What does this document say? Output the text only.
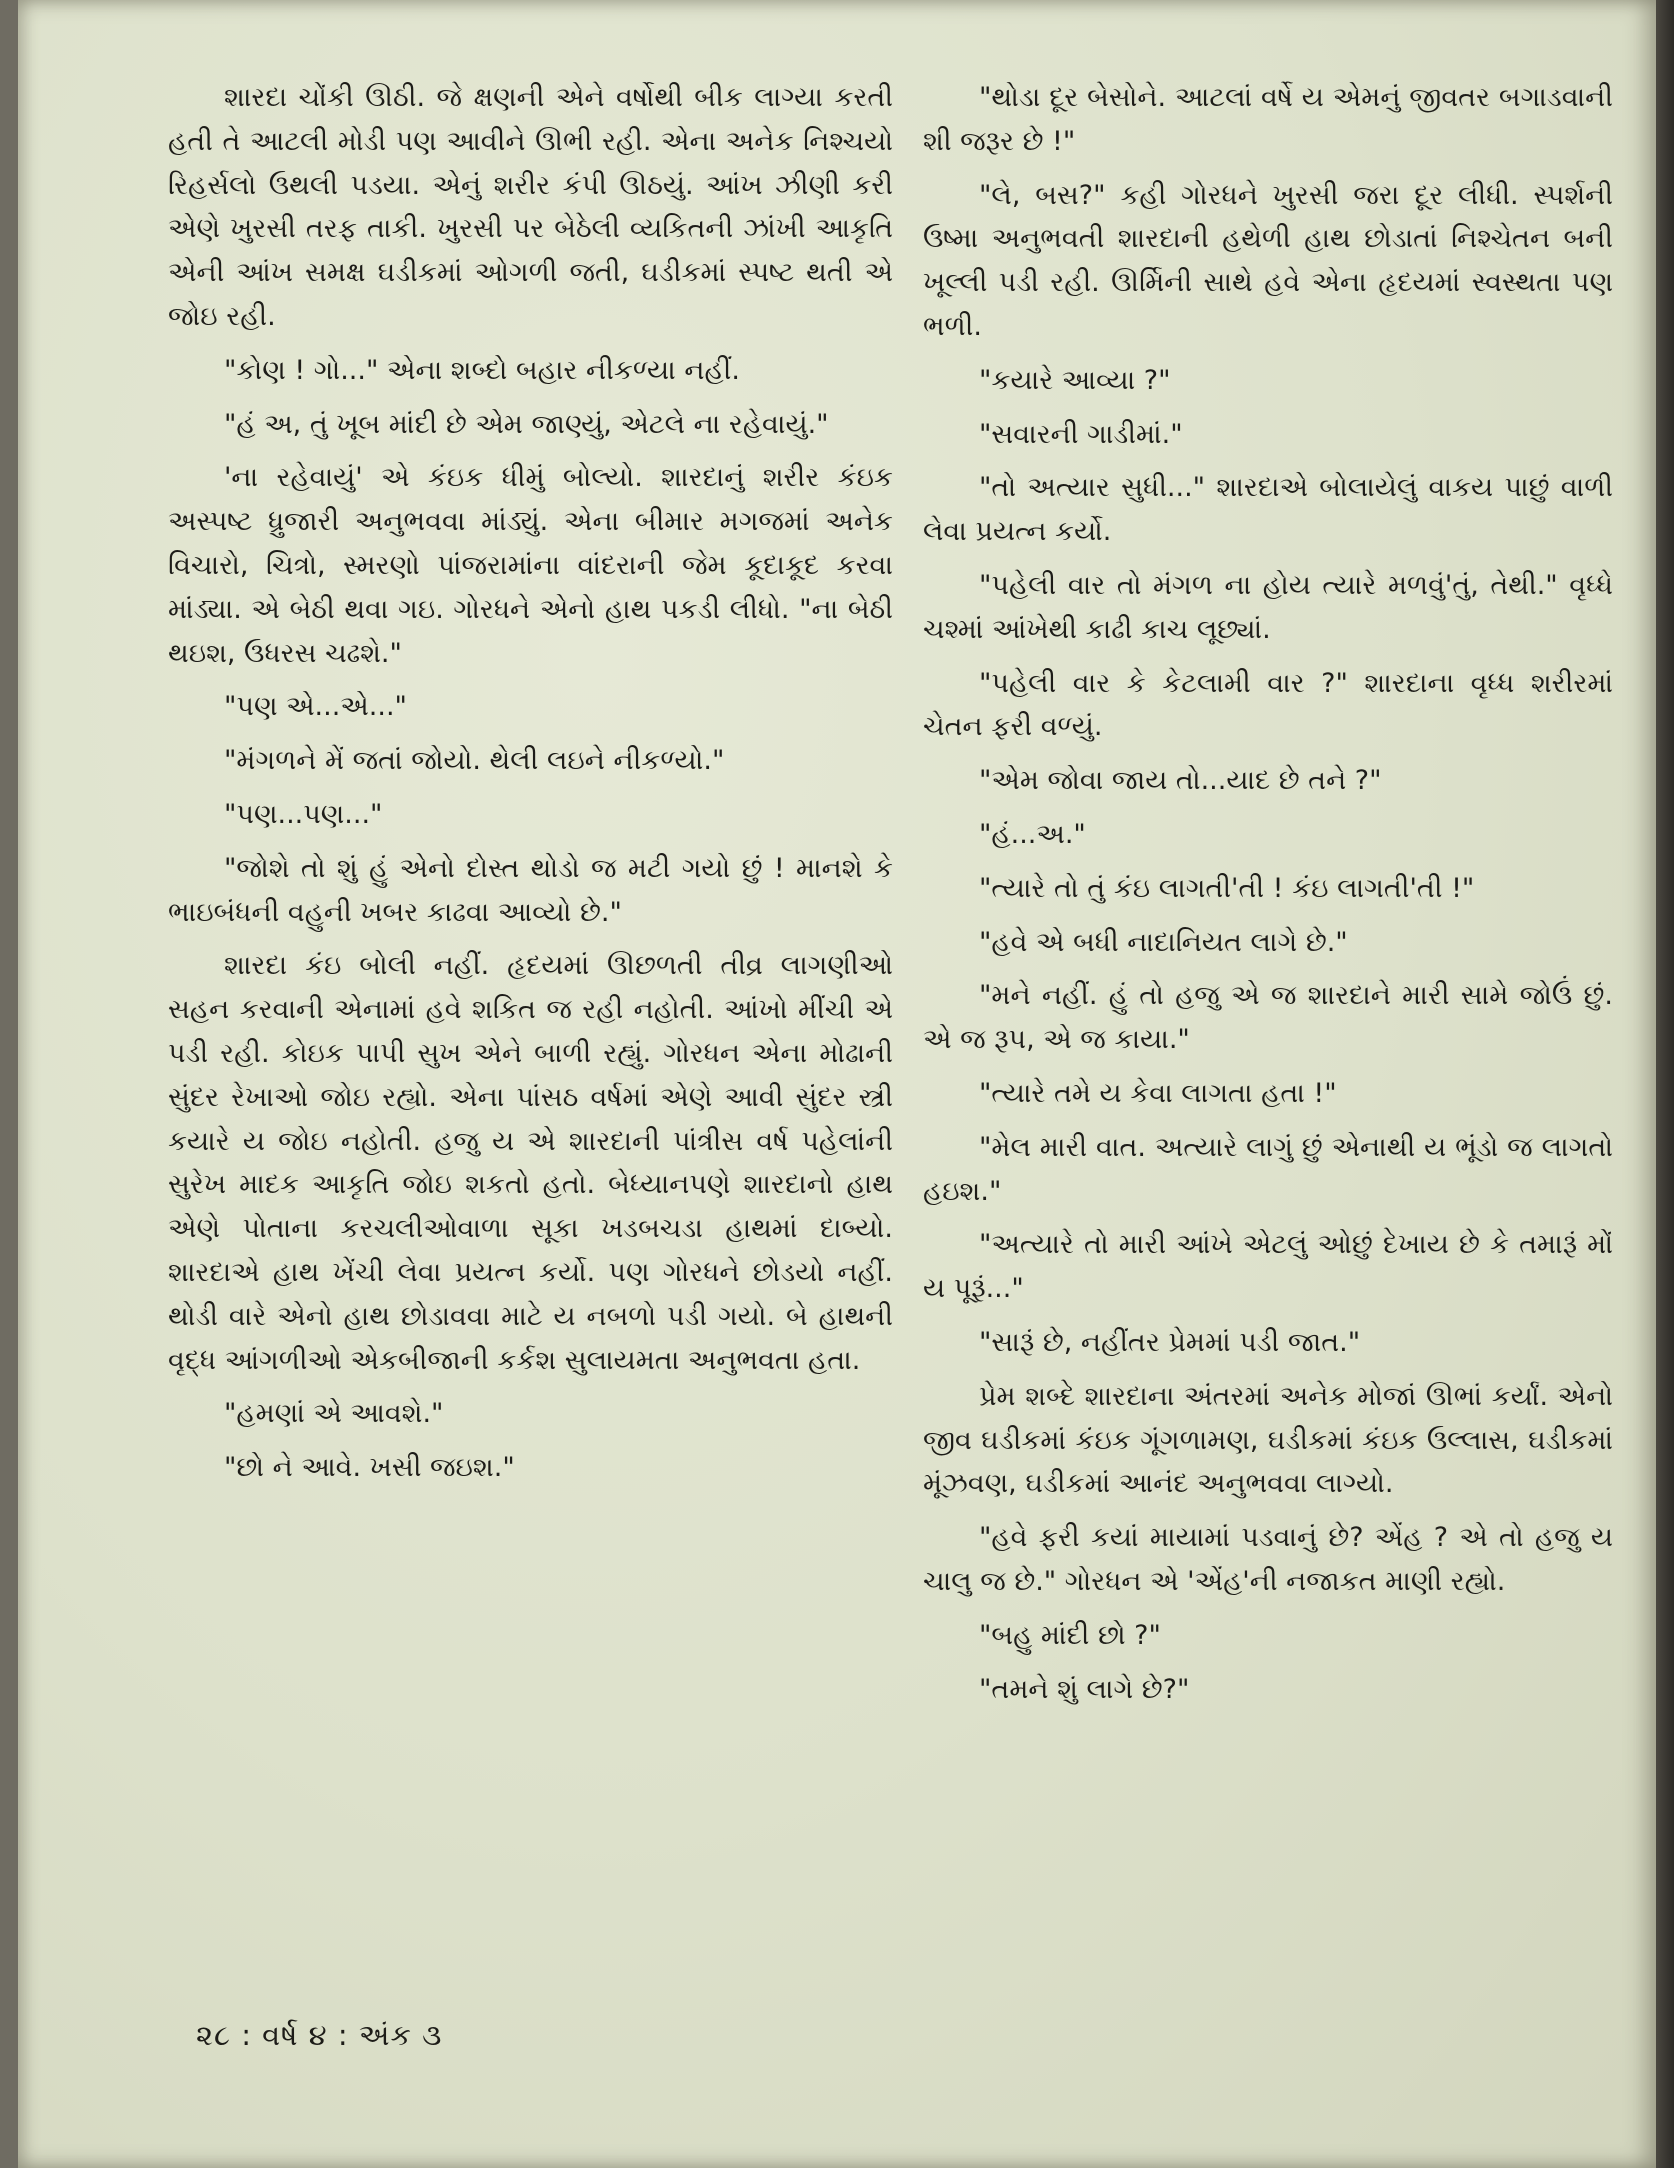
શારદા ચોંકી ઊઠી. જે ક્ષણની એને વર્ષોથી બીક લાગ્યા કરતી હતી તે આટલી મોડી પણ આવીને ઊભી રહી. એના અનેક નિશ્ચયો રિહર્સલો ઉથલી પડયા. એનું શરીર કંપી ઊઠયું. આંખ ઝીણી કરી એણે ખુરસી તરફ તાકી. ખુરસી પર બેઠેલી વ્યકિતની ઝાંખી આકૃતિ એની આંખ સમક્ષ ઘડીકમાં ઓગળી જતી, ઘડીકમાં સ્પષ્ટ થતી એ જોઇ રહી.

"કોણ ! ગો..." એના શબ્દો બહાર નીકળ્યા નહીં.

"હં અ, તું ખૂબ માંદી છે એમ જાણ્યું, એટલે ના રહેવાયું."

'ના રહેવાયું' એ કંઇક ધીમું બોલ્યો. શારદાનું શરીર કંઇક અસ્પષ્ટ ધ્રુજારી અનુભવવા માંડ્યું. એના બીમાર મગજમાં અનેક વિચારો, ચિત્રો, સ્મરણો પાંજરામાંના વાંદરાની જેમ કૂદાકૂદ કરવા માંડ્યા. એ બેઠી થવા ગઇ. ગોરધને એનો હાથ પકડી લીધો. "ના બેઠી થઇશ, ઉધરસ ચઢશે."

"પણ એ...એ..."

"મંગળને મેં જતાં જોયો. થેલી લઇને નીકળ્યો."

"પણ...પણ..."

"જોશે તો શું હું એનો દોસ્ત થોડો જ મટી ગયો છું ! માનશે કે ભાઇબંધની વહુની ખબર કાઢવા આવ્યો છે."

શારદા કંઇ બોલી નહીં. હૃદયમાં ઊછળતી તીવ્ર લાગણીઓ સહન કરવાની એનામાં હવે શકિત જ રહી નહોતી. આંખો મીંચી એ પડી રહી. કોઇક પાપી સુખ એને બાળી રહ્યું. ગોરધન એના મોઢાની સુંદર રેખાઓ જોઇ રહ્યો. એના પાંસઠ વર્ષમાં એણે આવી સુંદર સ્ત્રી કયારે ય જોઇ નહોતી. હજુ ય એ શારદાની પાંત્રીસ વર્ષ પહેલાંની સુરેખ માદક આકૃતિ જોઇ શકતો હતો. બેધ્યાનપણે શારદાનો હાથ એણે પોતાના કરચલીઓવાળા સૂકા ખડબચડા હાથમાં દાબ્યો. શારદાએ હાથ ખેંચી લેવા પ્રયત્ન કર્યો. પણ ગોરધને છોડયો નહીં. થોડી વારે એનો હાથ છોડાવવા માટે ય નબળો પડી ગયો. બે હાથની વૃદ્ધ આંગળીઓ એકબીજાની કર્કશ સુલાયમતા અનુભવતા હતા.

"હમણાં એ આવશે."

"છો ને આવે. ખસી જઇશ."

"થોડા દૂર બેસોને. આટલાં વર્ષે ય એમનું જીવતર બગાડવાની શી જરૂર છે !"

"લે, બસ?" કહી ગોરધને ખુરસી જરા દૂર લીધી. સ્પર્શની ઉષ્મા અનુભવતી શારદાની હથેળી હાથ છોડાતાં નિશ્ચેતન બની ખૂલ્લી પડી રહી. ઊર્મિની સાથે હવે એના હૃદયમાં સ્વસ્થતા પણ ભળી.

"કયારે આવ્યા ?"

"સવારની ગાડીમાં."

"તો અત્યાર સુધી..." શારદાએ બોલાયેલું વાકય પાછું વાળી લેવા પ્રયત્ન કર્યો.

"પહેલી વાર તો મંગળ ના હોય ત્યારે મળવું'તું, તેથી." વૃધ્ધે ચશ્માં આંખેથી કાઢી કાચ લૂછ્યાં.

"પહેલી વાર કે કેટલામી વાર ?" શારદાના વૃધ્ધ શરીરમાં ચેતન ફરી વળ્યું.

"એમ જોવા જાય તો...યાદ છે તને ?"

"હં...અ."

"ત્યારે તો તું કંઇ લાગતી'તી ! કંઇ લાગતી'તી !"

"હવે એ બધી નાદાનિયત લાગે છે."

"મને નહીં. હું તો હજુ એ જ શારદાને મારી સામે જોઉં છું. એ જ રૂપ, એ જ કાયા."

"ત્યારે તમે ય કેવા લાગતા હતા !"

"મેલ મારી વાત. અત્યારે લાગું છું એનાથી ય ભૂંડો જ લાગતો હઇશ."

"અત્યારે તો મારી આંખે એટલું ઓછું દેખાય છે કે તમારૂં મોં ય પૂરૂં..."

"સારૂં છે, નહીંતર પ્રેમમાં પડી જાત."

પ્રેમ શબ્દે શારદાના અંતરમાં અનેક મોજાં ઊભાં કર્યાં. એનો જીવ ઘડીકમાં કંઇક ગૂંગળામણ, ઘડીકમાં કંઇક ઉલ્લાસ, ઘડીકમાં મૂંઝવણ, ઘડીકમાં આનંદ અનુભવવા લાગ્યો.

"હવે ફરી કયાં માયામાં પડવાનું છે? એંહ ? એ તો હજુ ય ચાલુ જ છે." ગોરધન એ 'એંહ'ની નજાકત માણી રહ્યો.

"બહુ માંદી છો ?"

"તમને શું લાગે છે?"

૨૮ : વર્ષ ૪ : અંક ૩
